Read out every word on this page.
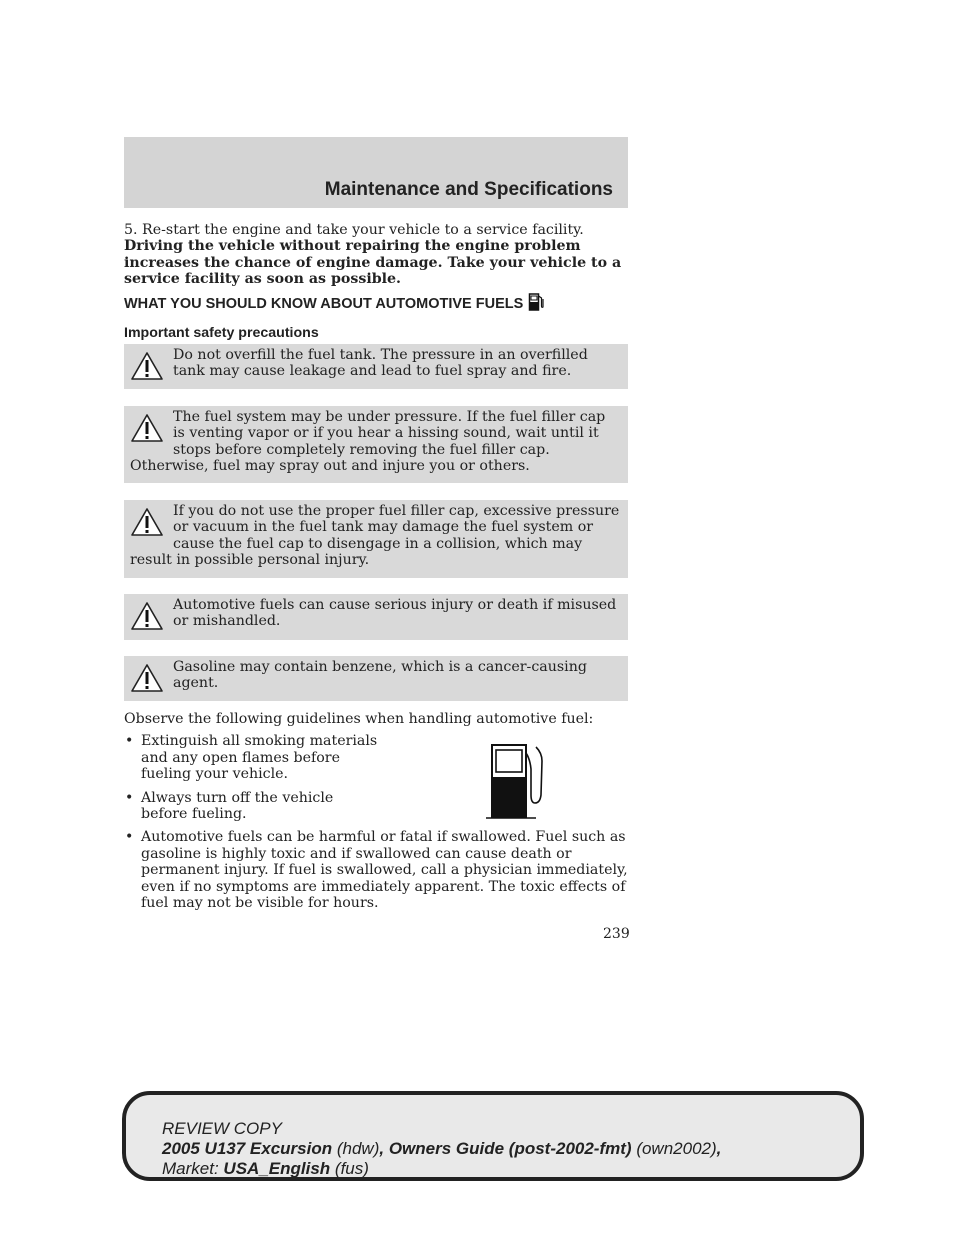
Maintenance and Specifications

5. Re-start the engine and take your vehicle to a service facility.

Driving the vehicle without repairing the engine problem increases the chance of engine damage. Take your vehicle to a service facility as soon as possible.

WHAT YOU SHOULD KNOW ABOUT AUTOMOTIVE FUELS

Important safety precautions

Do not overfill the fuel tank. The pressure in an overfilled tank may cause leakage and lead to fuel spray and fire.

The fuel system may be under pressure. If the fuel filler cap is venting vapor or if you hear a hissing sound, wait until it stops before completely removing the fuel filler cap. Otherwise, fuel may spray out and injure you or others.

If you do not use the proper fuel filler cap, excessive pressure or vacuum in the fuel tank may damage the fuel system or cause the fuel cap to disengage in a collision, which may result in possible personal injury.

Automotive fuels can cause serious injury or death if misused or mishandled.

Gasoline may contain benzene, which is a cancer-causing agent.

Observe the following guidelines when handling automotive fuel:

• Extinguish all smoking materials and any open flames before fueling your vehicle.
• Always turn off the vehicle before fueling.
• Automotive fuels can be harmful or fatal if swallowed. Fuel such as gasoline is highly toxic and if swallowed can cause death or permanent injury. If fuel is swallowed, call a physician immediately, even if no symptoms are immediately apparent. The toxic effects of fuel may not be visible for hours.
239
REVIEW COPY
2005 U137 Excursion (hdw), Owners Guide (post-2002-fmt) (own2002),
Market: USA_English (fus)
